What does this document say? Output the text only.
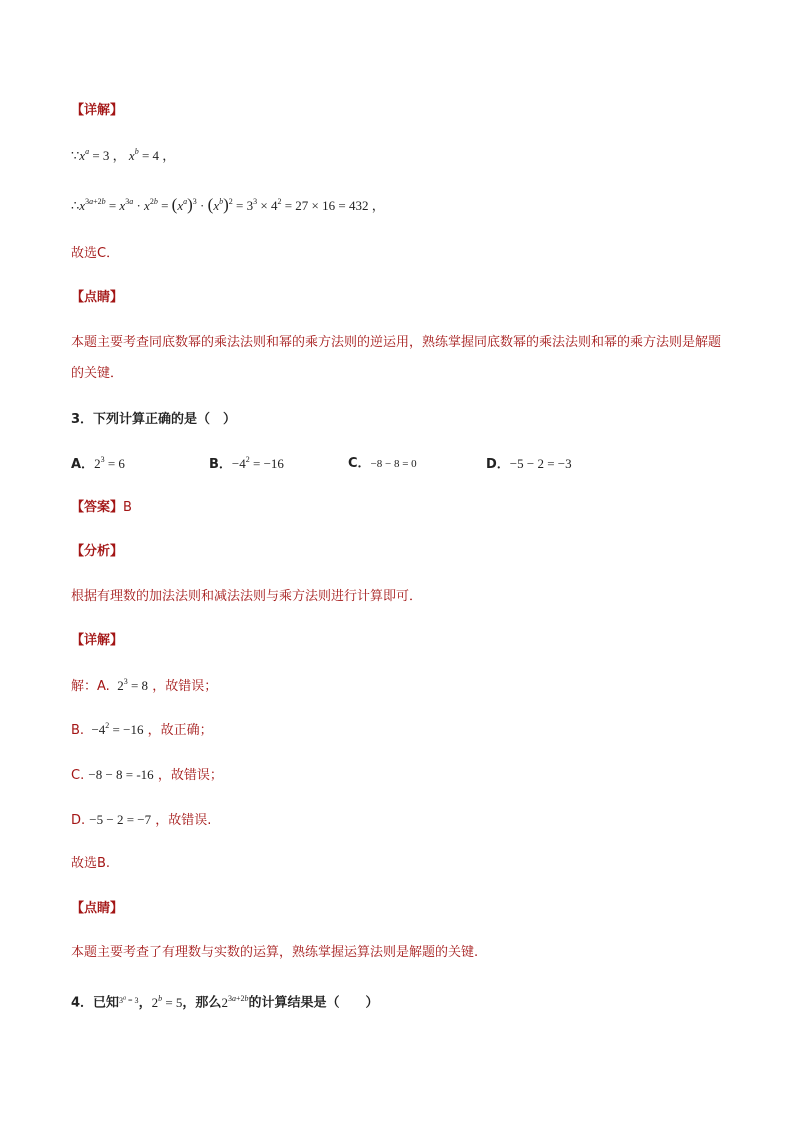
【详解】
$\because x^a = 3$ ， $x^b = 4$ ，
$\therefore x^{3a+2b} = x^{3a} \cdot x^{2b} = (x^a)^3 \cdot (x^b)^2 = 3^3 \times 4^2 = 27 \times 16 = 432$ ，
故选C．
【点睛】
本题主要考查同底数幂的乘法法则和幂的乘方法则的逆运用，熟练掌握同底数幂的乘法法则和幂的乘方法则是解题的关键．
3．下列计算正确的是（　）
A．$2^3 = 6$	B．$-4^2 = -16$	C．−8 − 8 = 0	D．−5 − 2 = −3
【答案】B
【分析】
根据有理数的加法法则和减法法则与乘方法则进行计算即可．
【详解】
解：A.  $2^3 = 8$ ，故错误；
B.  $-4^2 = -16$ ，故正确；
C. −8 − 8 = -16 ，故错误；
D. −5 − 2 = −7 ，故错误.
故选B.
【点睛】
本题主要考查了有理数与实数的运算，熟练掌握运算法则是解题的关键.
4．已知$^{3^a = 3}$，$2^b = 5$，那么$2^{3a+2b}$的计算结果是（　　）
